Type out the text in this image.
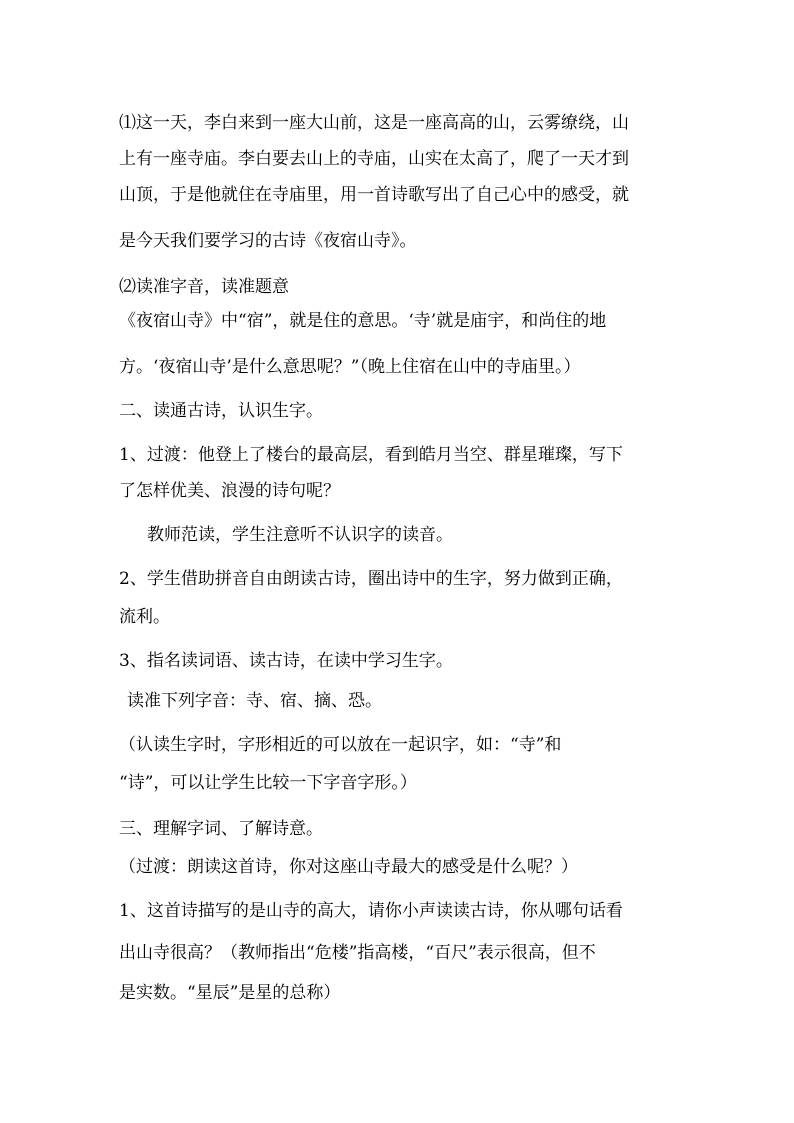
⑴这一天，李白来到一座大山前，这是一座高高的山，云雾缭绕，山
上有一座寺庙。李白要去山上的寺庙，山实在太高了，爬了一天才到
山顶，于是他就住在寺庙里，用一首诗歌写出了自己心中的感受，就
是今天我们要学习的古诗《夜宿山寺》。
⑵读准字音，读准题意
《夜宿山寺》中“宿”，就是住的意思。‘寺’就是庙宇，和尚住的地
方。‘夜宿山寺’是什么意思呢？”（晚上住宿在山中的寺庙里。）
二、读通古诗，认识生字。
1、过渡：他登上了楼台的最高层，看到皓月当空、群星璀璨，写下
了怎样优美、浪漫的诗句呢？
教师范读，学生注意听不认识字的读音。
2、学生借助拼音自由朗读古诗，圈出诗中的生字，努力做到正确，
流利。
3、指名读词语、读古诗，在读中学习生字。
读准下列字音：寺、宿、摘、恐。
（认读生字时，字形相近的可以放在一起识字，如：“寺”和
“诗”，可以让学生比较一下字音字形。）
三、理解字词、了解诗意。
（过渡：朗读这首诗，你对这座山寺最大的感受是什么呢？）
1、这首诗描写的是山寺的高大，请你小声读读古诗，你从哪句话看
出山寺很高？（教师指出“危楼”指高楼，“百尺”表示很高，但不
是实数。“星辰”是星的总称）
